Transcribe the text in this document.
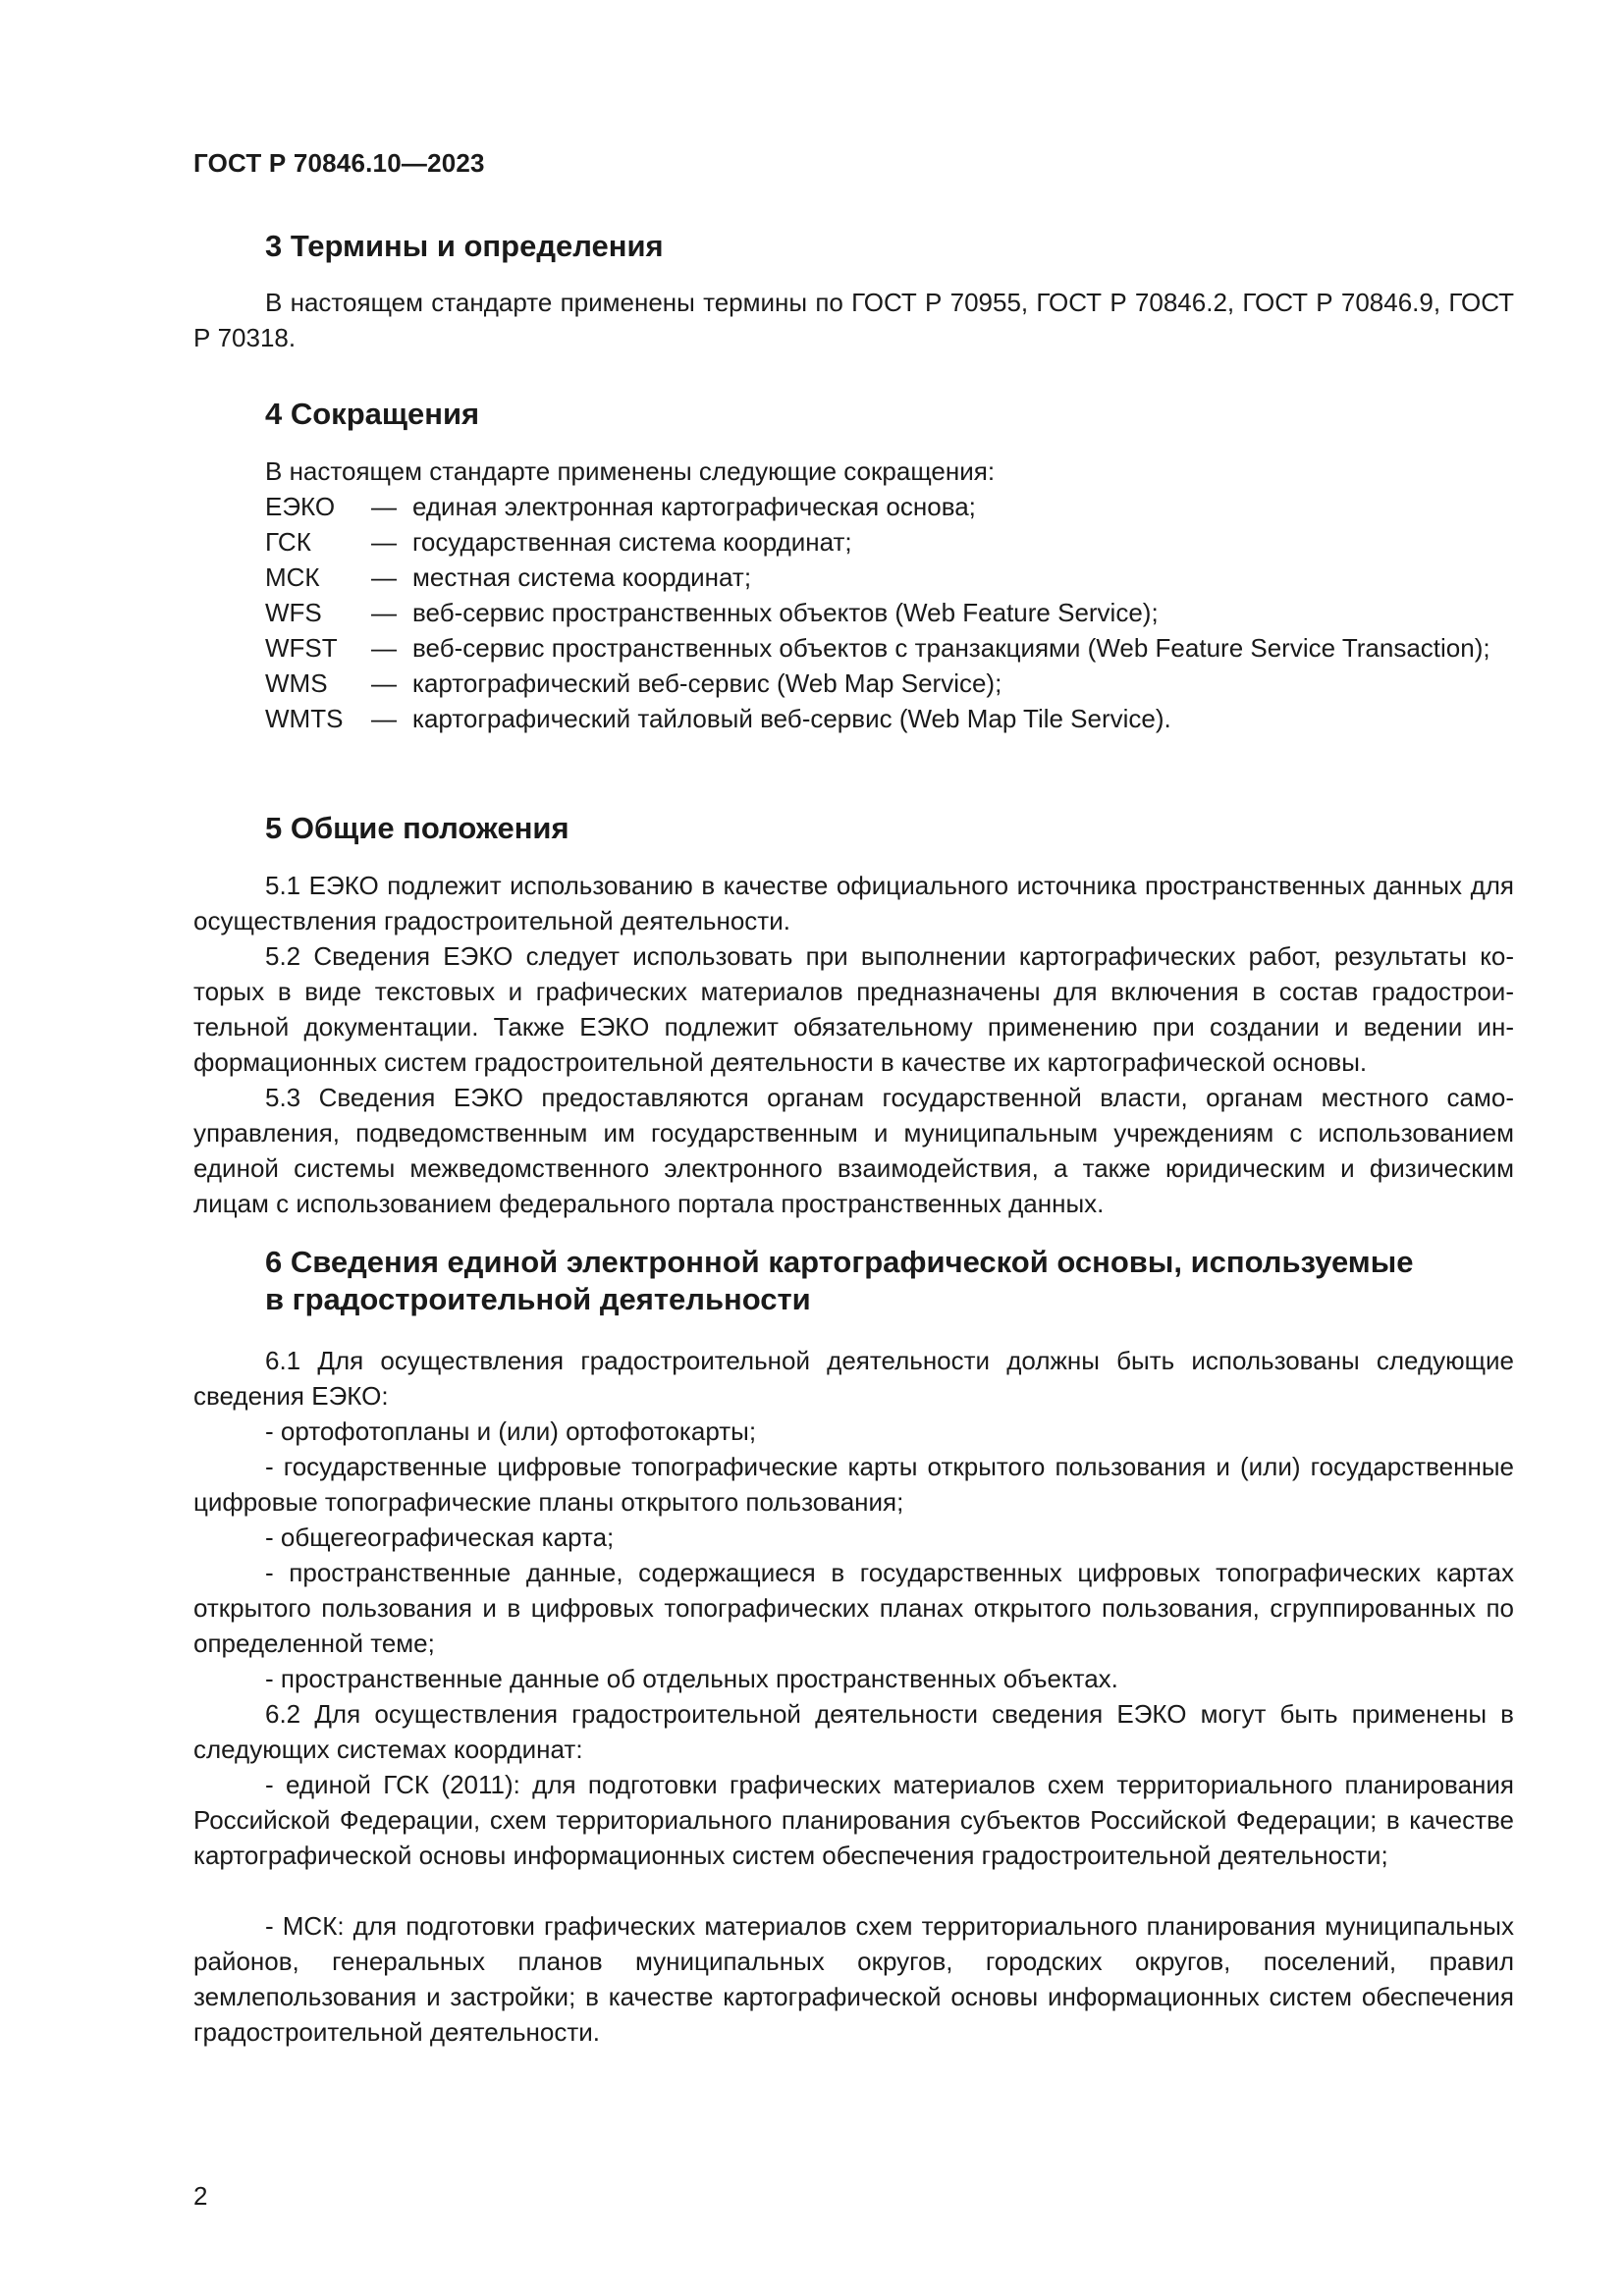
ГОСТ Р 70846.10—2023
3 Термины и определения

В настоящем стандарте применены термины по ГОСТ Р 70955, ГОСТ Р 70846.2, ГОСТ Р 70846.9, ГОСТ Р 70318.

4 Сокращения
В настоящем стандарте применены следующие сокращения:
ЕЭКО	— единая электронная картографическая основа;
ГСК	— государственная система координат;
МСК	— местная система координат;
WFS	— веб-сервис пространственных объектов (Web Feature Service);
WFST	— веб-сервис пространственных объектов с транзакциями (Web Feature Service Transaction);
WMS	— картографический веб-сервис (Web Map Service);
WMTS	— картографический тайловый веб-сервис (Web Map Tile Service).
5 Общие положения

5.1 ЕЭКО подлежит использованию в качестве официального источника пространственных данных для осуществления градостроительной деятельности.

5.2 Сведения ЕЭКО следует использовать при выполнении картографических работ, результаты которых в виде текстовых и графических материалов предназначены для включения в состав градостроительной документации. Также ЕЭКО подлежит обязательному применению при создании и ведении информационных систем градостроительной деятельности в качестве их картографической основы.

5.3 Сведения ЕЭКО предоставляются органам государственной власти, органам местного самоуправления, подведомственным им государственным и муниципальным учреждениям с использованием единой системы межведомственного электронного взаимодействия, а также юридическим и физическим лицам с использованием федерального портала пространственных данных.

6 Сведения единой электронной картографической основы, используемые
в градостроительной деятельности

6.1 Для осуществления градостроительной деятельности должны быть использованы следующие сведения ЕЭКО:

- ортофотопланы и (или) ортофотокарты;

- государственные цифровые топографические карты открытого пользования и (или) государственные цифровые топографические планы открытого пользования;

- общегеографическая карта;

- пространственные данные, содержащиеся в государственных цифровых топографических картах открытого пользования и в цифровых топографических планах открытого пользования, сгруппированных по определенной теме;

- пространственные данные об отдельных пространственных объектах.

6.2 Для осуществления градостроительной деятельности сведения ЕЭКО могут быть применены в следующих системах координат:

- единой ГСК (2011): для подготовки графических материалов схем территориального планирования Российской Федерации, схем территориального планирования субъектов Российской Федерации; в качестве картографической основы информационных систем обеспечения градостроительной деятельности;

- МСК: для подготовки графических материалов схем территориального планирования муниципальных районов, генеральных планов муниципальных округов, городских округов, поселений, правил землепользования и застройки; в качестве картографической основы информационных систем обеспечения градостроительной деятельности.

2
